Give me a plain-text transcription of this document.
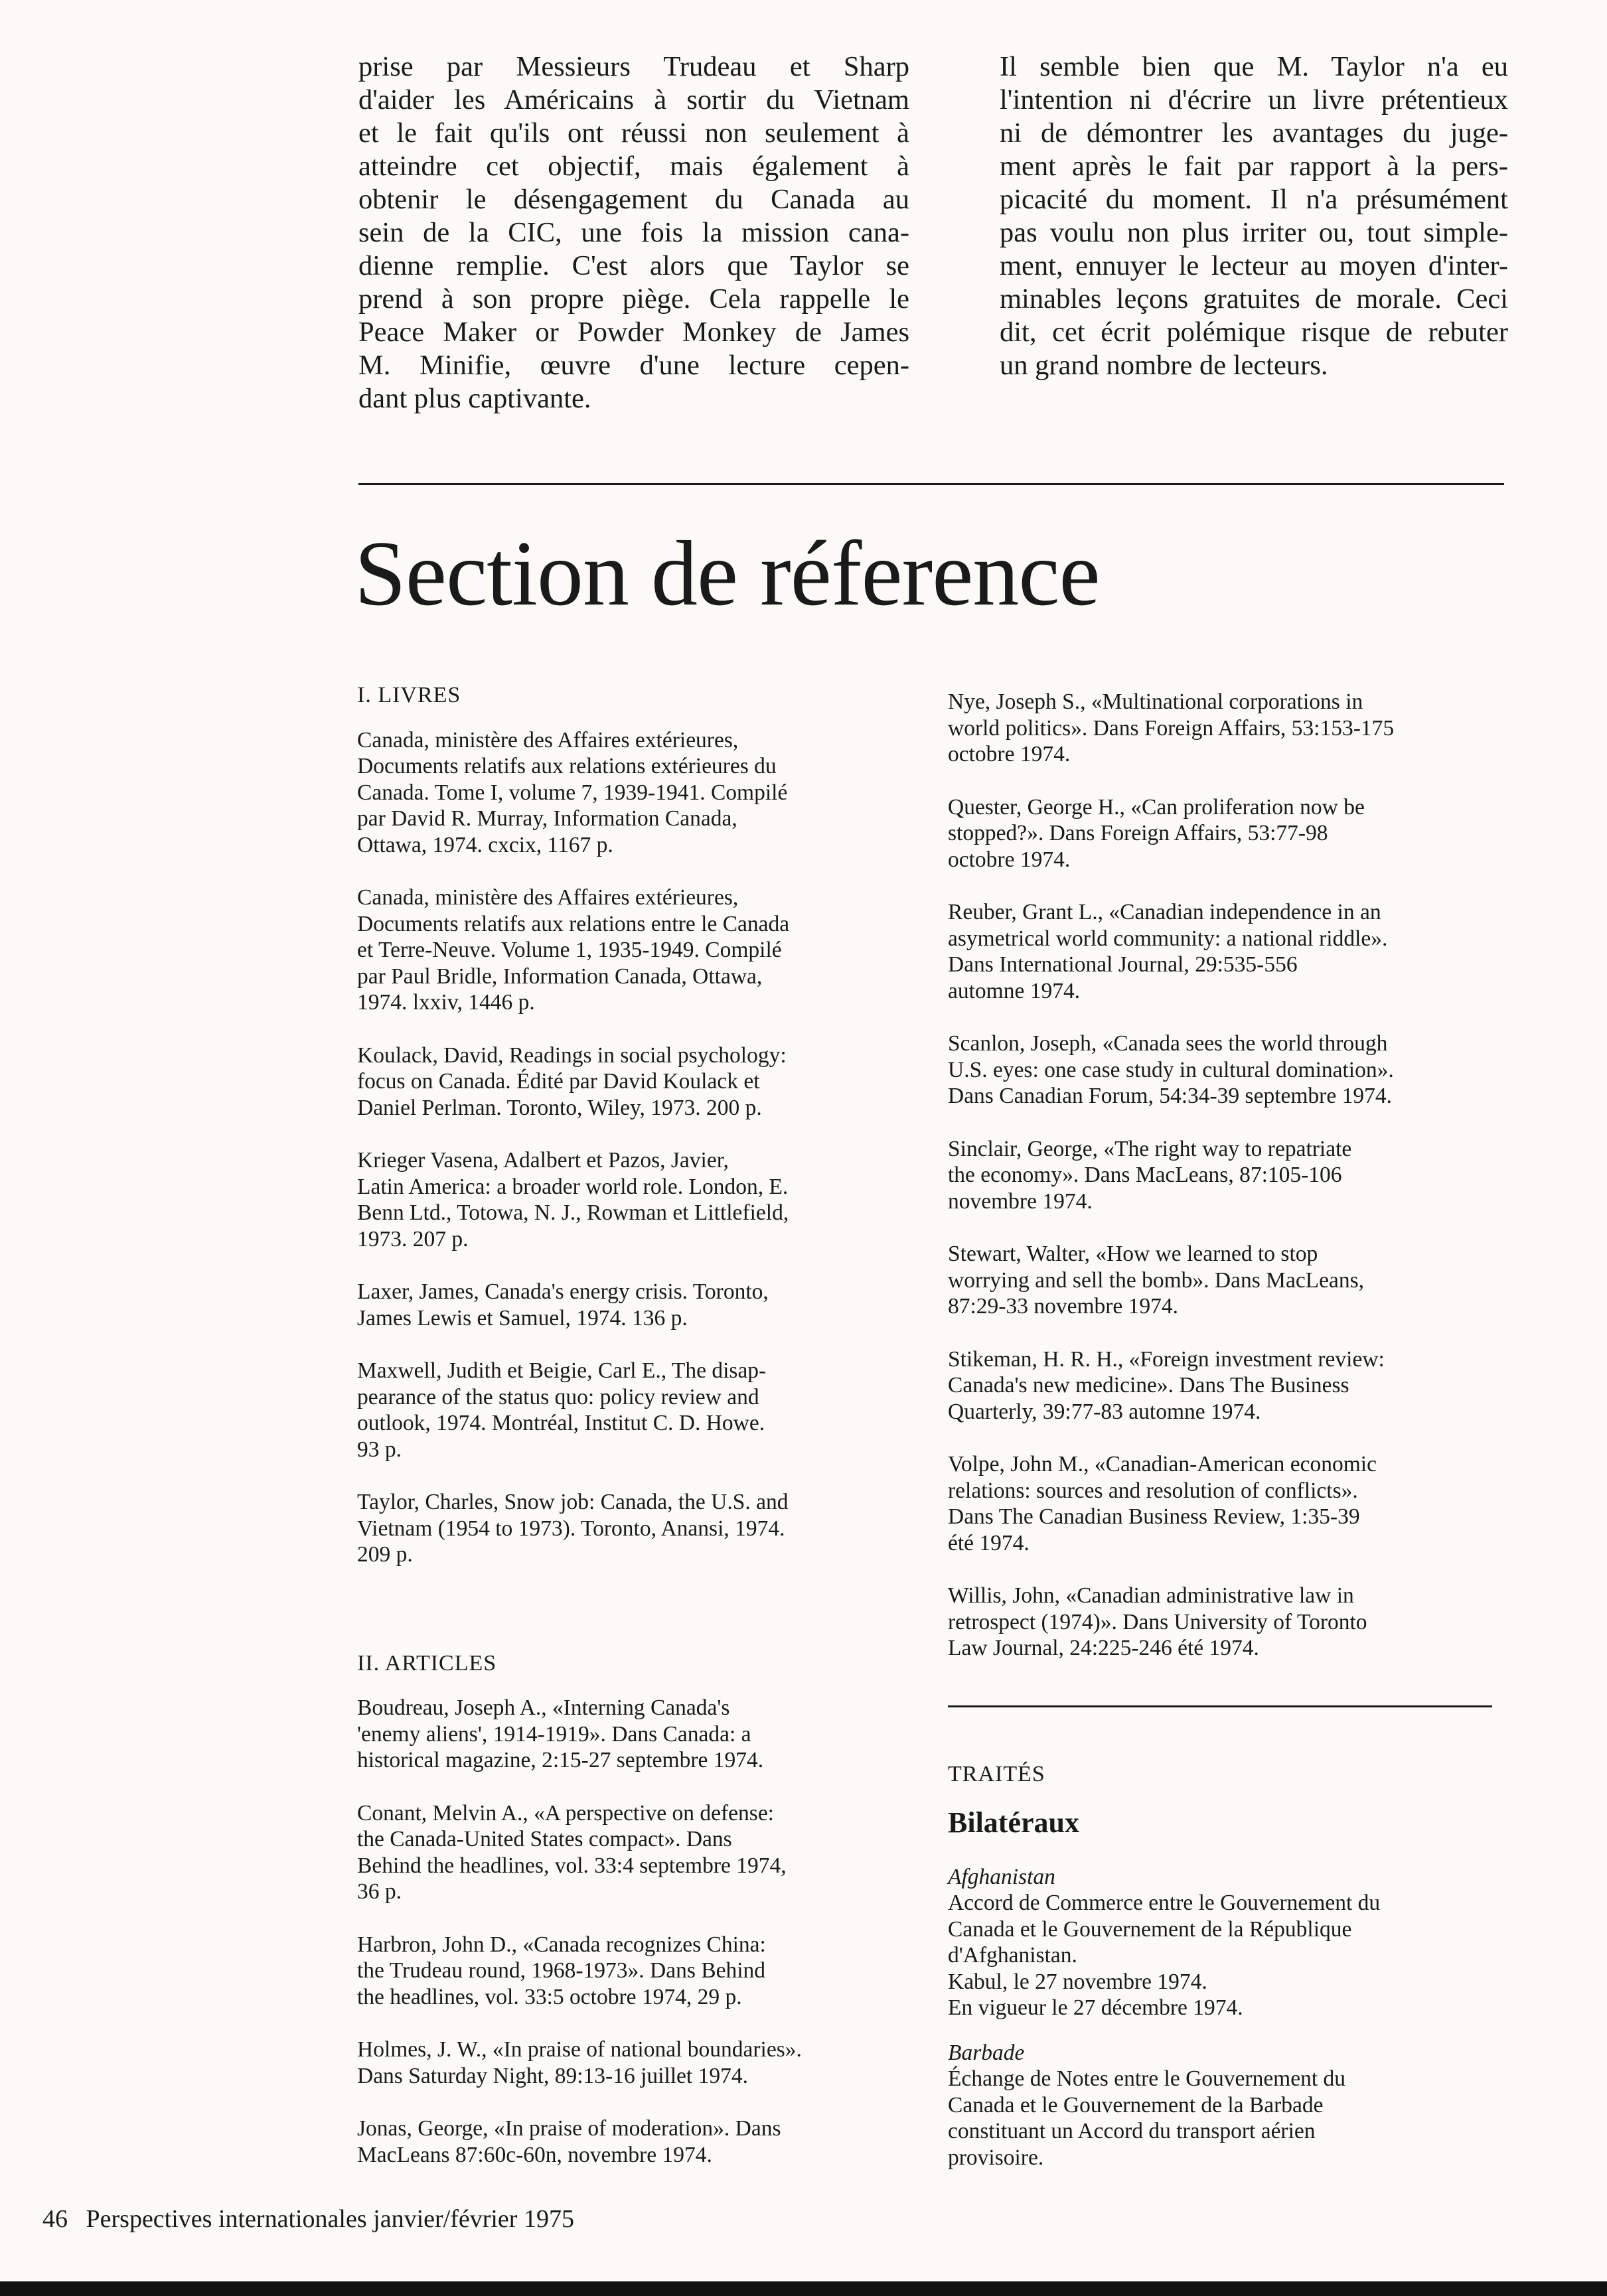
prise par Messieurs Trudeau et Sharp

d'aider les Américains à sortir du Vietnam

et le fait qu'ils ont réussi non seulement à

atteindre cet objectif, mais également à

obtenir le désengagement du Canada au

sein de la CIC, une fois la mission cana-

dienne remplie. C'est alors que Taylor se

prend à son propre piège. Cela rappelle le

Peace Maker or Powder Monkey de James

M. Minifie, œuvre d'une lecture cepen-

dant plus captivante.

Il semble bien que M. Taylor n'a eu

l'intention ni d'écrire un livre prétentieux

ni de démontrer les avantages du juge-

ment après le fait par rapport à la pers-

picacité du moment. Il n'a présumément

pas voulu non plus irriter ou, tout simple-

ment, ennuyer le lecteur au moyen d'inter-

minables leçons gratuites de morale. Ceci

dit, cet écrit polémique risque de rebuter

un grand nombre de lecteurs.

Section de réference

I. LIVRES

Canada, ministère des Affaires extérieures,
Documents relatifs aux relations extérieures du
Canada. Tome I, volume 7, 1939-1941. Compilé
par David R. Murray, Information Canada,
Ottawa, 1974. cxcix, 1167 p.
Canada, ministère des Affaires extérieures,
Documents relatifs aux relations entre le Canada
et Terre-Neuve. Volume 1, 1935-1949. Compilé
par Paul Bridle, Information Canada, Ottawa,
1974. lxxiv, 1446 p.
Koulack, David, Readings in social psychology:
focus on Canada. Édité par David Koulack et
Daniel Perlman. Toronto, Wiley, 1973. 200 p.
Krieger Vasena, Adalbert et Pazos, Javier,
Latin America: a broader world role. London, E.
Benn Ltd., Totowa, N. J., Rowman et Littlefield,
1973. 207 p.
Laxer, James, Canada's energy crisis. Toronto,
James Lewis et Samuel, 1974. 136 p.
Maxwell, Judith et Beigie, Carl E., The disap-
pearance of the status quo: policy review and
outlook, 1974. Montréal, Institut C. D. Howe.
93 p.
Taylor, Charles, Snow job: Canada, the U.S. and
Vietnam (1954 to 1973). Toronto, Anansi, 1974.
209 p.

II. ARTICLES

Boudreau, Joseph A., «Interning Canada's
'enemy aliens', 1914-1919». Dans Canada: a
historical magazine, 2:15-27 septembre 1974.
Conant, Melvin A., «A perspective on defense:
the Canada-United States compact». Dans
Behind the headlines, vol. 33:4 septembre 1974,
36 p.
Harbron, John D., «Canada recognizes China:
the Trudeau round, 1968-1973». Dans Behind
the headlines, vol. 33:5 octobre 1974, 29 p.
Holmes, J. W., «In praise of national boundaries».
Dans Saturday Night, 89:13-16 juillet 1974.
Jonas, George, «In praise of moderation». Dans
MacLeans 87:60c-60n, novembre 1974.
Nye, Joseph S., «Multinational corporations in
world politics». Dans Foreign Affairs, 53:153-175
octobre 1974.
Quester, George H., «Can proliferation now be
stopped?». Dans Foreign Affairs, 53:77-98
octobre 1974.
Reuber, Grant L., «Canadian independence in an
asymetrical world community: a national riddle».
Dans International Journal, 29:535-556
automne 1974.
Scanlon, Joseph, «Canada sees the world through
U.S. eyes: one case study in cultural domination».
Dans Canadian Forum, 54:34-39 septembre 1974.
Sinclair, George, «The right way to repatriate
the economy». Dans MacLeans, 87:105-106
novembre 1974.
Stewart, Walter, «How we learned to stop
worrying and sell the bomb». Dans MacLeans,
87:29-33 novembre 1974.
Stikeman, H. R. H., «Foreign investment review:
Canada's new medicine». Dans The Business
Quarterly, 39:77-83 automne 1974.
Volpe, John M., «Canadian-American economic
relations: sources and resolution of conflicts».
Dans The Canadian Business Review, 1:35-39
été 1974.
Willis, John, «Canadian administrative law in
retrospect (1974)». Dans University of Toronto
Law Journal, 24:225-246 été 1974.

TRAITÉS

Bilatéraux

Afghanistan
Accord de Commerce entre le Gouvernement du
Canada et le Gouvernement de la République
d'Afghanistan.
Kabul, le 27 novembre 1974.
En vigueur le 27 décembre 1974.
Barbade
Échange de Notes entre le Gouvernement du
Canada et le Gouvernement de la Barbade
constituant un Accord du transport aérien
provisoire.
46 Perspectives internationales janvier/février 1975
